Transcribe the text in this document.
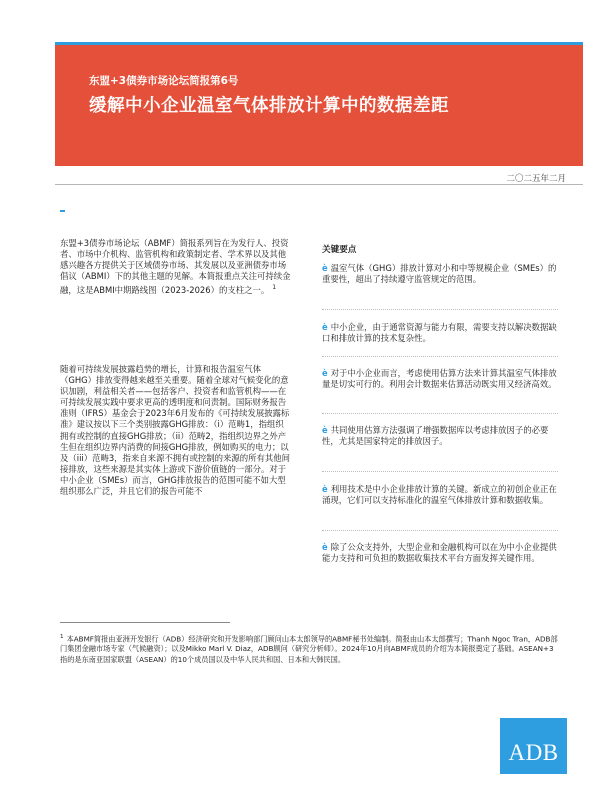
东盟+3债券市场论坛简报第6号
缓解中小企业温室气体排放计算中的数据差距
二〇二五年二月
东盟+3债券市场论坛（ABMF）简报系列旨在为发行人、投资者、市场中介机构、监管机构和政策制定者、学术界以及其他感兴趣各方提供关于区域债券市场、其发展以及亚洲债券市场倡议（ABMI）下的其他主题的见解。本简报重点关注可持续金融，这是ABMI中期路线图（2023-2026）的支柱之一。 $^1$
随着可持续发展披露趋势的增长，计算和报告温室气体（GHG）排放变得越来越至关重要。随着全球对气候变化的意识加剧，利益相关者——包括客户、投资者和监管机构——在可持续发展实践中要求更高的透明度和问责制。国际财务报告准则（IFRS）基金会于2023年6月发布的《可持续发展披露标准》建议按以下三个类别披露GHG排放：（i）范畴1，指组织拥有或控制的直接GHG排放；（ii）范畴2，指组织边界之外产生但在组织边界内消费的间接GHG排放，例如购买的电力；以及（iii）范畴3，指来自来源不拥有或控制的来源的所有其他间接排放，这些来源是其实体上游或下游价值链的一部分。对于中小企业（SMEs）而言，GHG排放报告的范围可能不如大型组织那么广泛，并且它们的报告可能不
关键要点
è 温室气体（GHG）排放计算对小和中等规模企业（SMEs）的重要性，超出了持续遵守监管规定的范围。
è 中小企业，由于通常资源与能力有限，需要支持以解决数据缺口和排放计算的技术复杂性。
è 对于中小企业而言，考虑使用估算方法来计算其温室气体排放量是切实可行的。利用会计数据来估算活动既实用又经济高效。
è 共同使用估算方法强调了增强数据库以考虑排放因子的必要性，尤其是国家特定的排放因子。
è 利用技术是中小企业排放计算的关键。新成立的初创企业正在涌现，它们可以支持标准化的温室气体排放计算和数据收集。
è 除了公众支持外，大型企业和金融机构可以在为中小企业提供能力支持和可负担的数据收集技术平台方面发挥关键作用。
$^1$ 本ABMF简报由亚洲开发银行（ADB）经济研究和开发影响部门顾问山本太郎领导的ABMF秘书处编制。简报由山本太郎撰写；Thanh Ngoc Tran，ADB部门集团金融市场专家（气候融资）；以及Mikko Marl V. Diaz，ADB顾问（研究分析师）。2024年10月向ABMF成员的介绍为本简报奠定了基础。ASEAN+3指的是东南亚国家联盟（ASEAN）的10个成员国以及中华人民共和国、日本和大韩民国。
ADB
